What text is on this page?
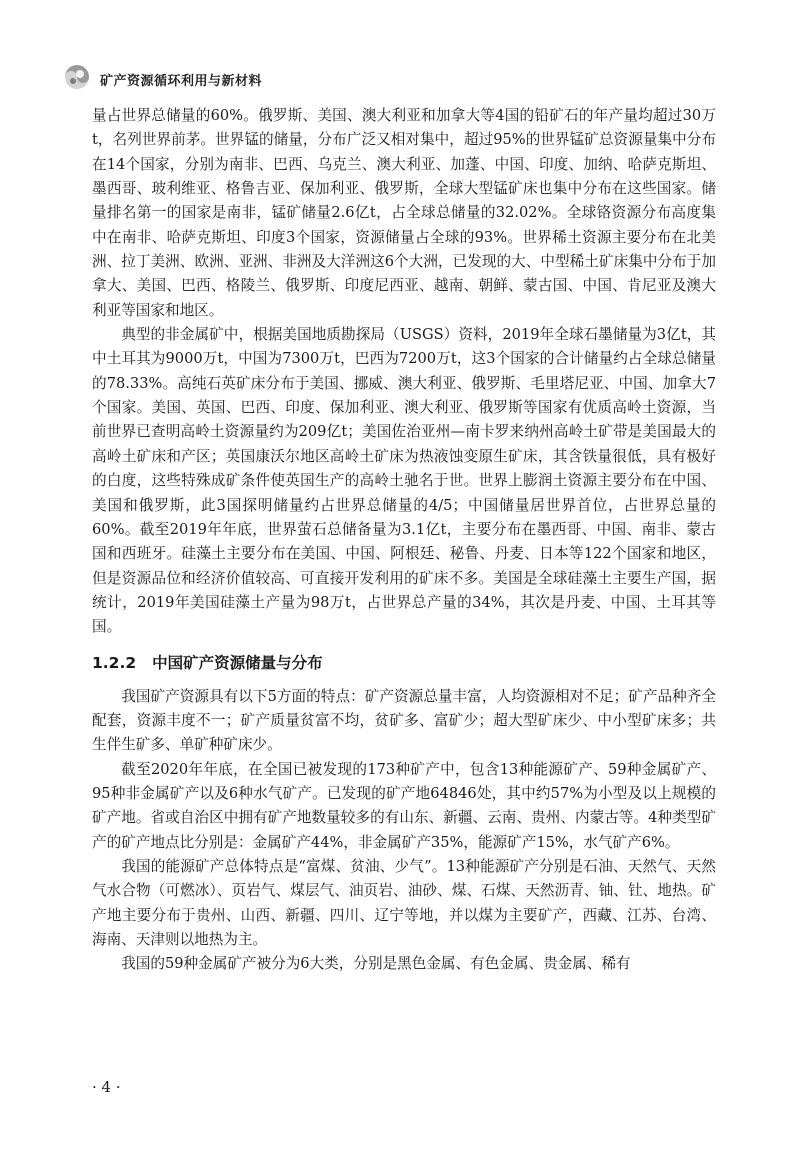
矿产资源循环利用与新材料

量占世界总储量的60%。俄罗斯、美国、澳大利亚和加拿大等4国的铅矿石的年产量均超过30万t，名列世界前茅。世界锰的储量，分布广泛又相对集中，超过95%的世界锰矿总资源量集中分布在14个国家，分别为南非、巴西、乌克兰、澳大利亚、加蓬、中国、印度、加纳、哈萨克斯坦、墨西哥、玻利维亚、格鲁吉亚、保加利亚、俄罗斯，全球大型锰矿床也集中分布在这些国家。储量排名第一的国家是南非，锰矿储量2.6亿t，占全球总储量的32.02%。全球铬资源分布高度集中在南非、哈萨克斯坦、印度3个国家，资源储量占全球的93%。世界稀土资源主要分布在北美洲、拉丁美洲、欧洲、亚洲、非洲及大洋洲这6个大洲，已发现的大、中型稀土矿床集中分布于加拿大、美国、巴西、格陵兰、俄罗斯、印度尼西亚、越南、朝鲜、蒙古国、中国、肯尼亚及澳大利亚等国家和地区。

典型的非金属矿中，根据美国地质勘探局（USGS）资料，2019年全球石墨储量为3亿t，其中土耳其为9000万t，中国为7300万t，巴西为7200万t，这3个国家的合计储量约占全球总储量的78.33%。高纯石英矿床分布于美国、挪威、澳大利亚、俄罗斯、毛里塔尼亚、中国、加拿大7个国家。美国、英国、巴西、印度、保加利亚、澳大利亚、俄罗斯等国家有优质高岭土资源，当前世界已查明高岭土资源量约为209亿t；美国佐治亚州—南卡罗来纳州高岭土矿带是美国最大的高岭土矿床和产区；英国康沃尔地区高岭土矿床为热液蚀变原生矿床，其含铁量很低，具有极好的白度，这些特殊成矿条件使英国生产的高岭土驰名于世。世界上膨润土资源主要分布在中国、美国和俄罗斯，此3国探明储量约占世界总储量的4/5；中国储量居世界首位，占世界总量的60%。截至2019年年底，世界萤石总储备量为3.1亿t，主要分布在墨西哥、中国、南非、蒙古国和西班牙。硅藻土主要分布在美国、中国、阿根廷、秘鲁、丹麦、日本等122个国家和地区，但是资源品位和经济价值较高、可直接开发利用的矿床不多。美国是全球硅藻土主要生产国，据统计，2019年美国硅藻土产量为98万t，占世界总产量的34%，其次是丹麦、中国、土耳其等国。

1.2.2 中国矿产资源储量与分布

我国矿产资源具有以下5方面的特点：矿产资源总量丰富，人均资源相对不足；矿产品种齐全配套，资源丰度不一；矿产质量贫富不均，贫矿多、富矿少；超大型矿床少、中小型矿床多；共生伴生矿多、单矿种矿床少。

截至2020年年底，在全国已被发现的173种矿产中，包含13种能源矿产、59种金属矿产、95种非金属矿产以及6种水气矿产。已发现的矿产地64846处，其中约57%为小型及以上规模的矿产地。省或自治区中拥有矿产地数量较多的有山东、新疆、云南、贵州、内蒙古等。4种类型矿产的矿产地点比分别是：金属矿产44%，非金属矿产35%，能源矿产15%，水气矿产6%。

我国的能源矿产总体特点是“富煤、贫油、少气”。13种能源矿产分别是石油、天然气、天然气水合物（可燃冰）、页岩气、煤层气、油页岩、油砂、煤、石煤、天然沥青、铀、钍、地热。矿产地主要分布于贵州、山西、新疆、四川、辽宁等地，并以煤为主要矿产，西藏、江苏、台湾、海南、天津则以地热为主。

我国的59种金属矿产被分为6大类，分别是黑色金属、有色金属、贵金属、稀有

· 4 ·
